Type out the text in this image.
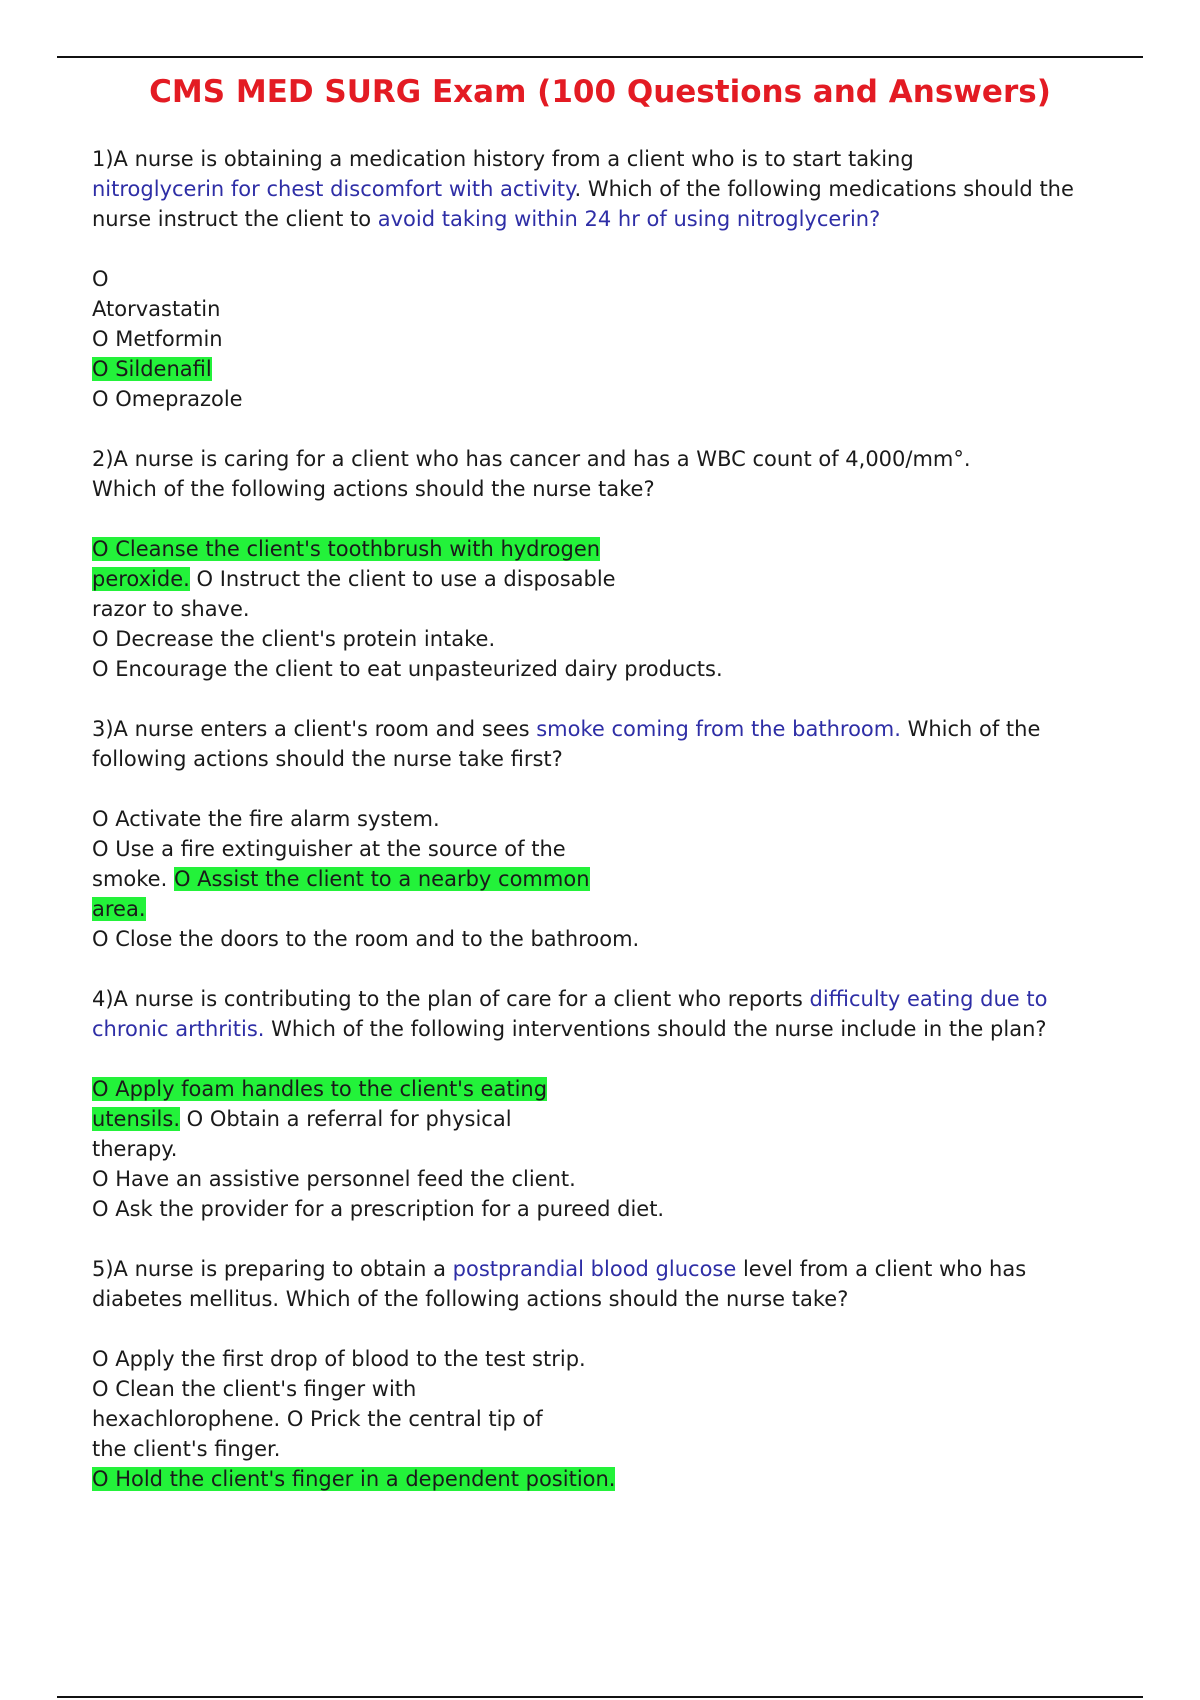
CMS MED SURG Exam (100 Questions and Answers)

1)A nurse is obtaining a medication history from a client who is to start taking
nitroglycerin for chest discomfort with activity. Which of the following medications should the nurse instruct the client to avoid taking within 24 hr of using nitroglycerin?

O
Atorvastatin

O Metformin

O Sildenafil

O Omeprazole

2)A nurse is caring for a client who has cancer and has a WBC count of 4,000/mm°.
Which of the following actions should the nurse take?

O Cleanse the client's toothbrush with hydrogen
peroxide. O Instruct the client to use a disposable
razor to shave.

O Decrease the client's protein intake.

O Encourage the client to eat unpasteurized dairy products.

3)A nurse enters a client's room and sees smoke coming from the bathroom. Which of the following actions should the nurse take first?

O Activate the fire alarm system.

O Use a fire extinguisher at the source of the
smoke. O Assist the client to a nearby common
area.

O Close the doors to the room and to the bathroom.

4)A nurse is contributing to the plan of care for a client who reports difficulty eating due to chronic arthritis. Which of the following interventions should the nurse include in the plan?

O Apply foam handles to the client's eating
utensils. O Obtain a referral for physical
therapy.

O Have an assistive personnel feed the client.

O Ask the provider for a prescription for a pureed diet.

5)A nurse is preparing to obtain a postprandial blood glucose level from a client who has diabetes mellitus. Which of the following actions should the nurse take?

O Apply the first drop of blood to the test strip.

O Clean the client's finger with
hexachlorophene. O Prick the central tip of
the client's finger.

O Hold the client's finger in a dependent position.
